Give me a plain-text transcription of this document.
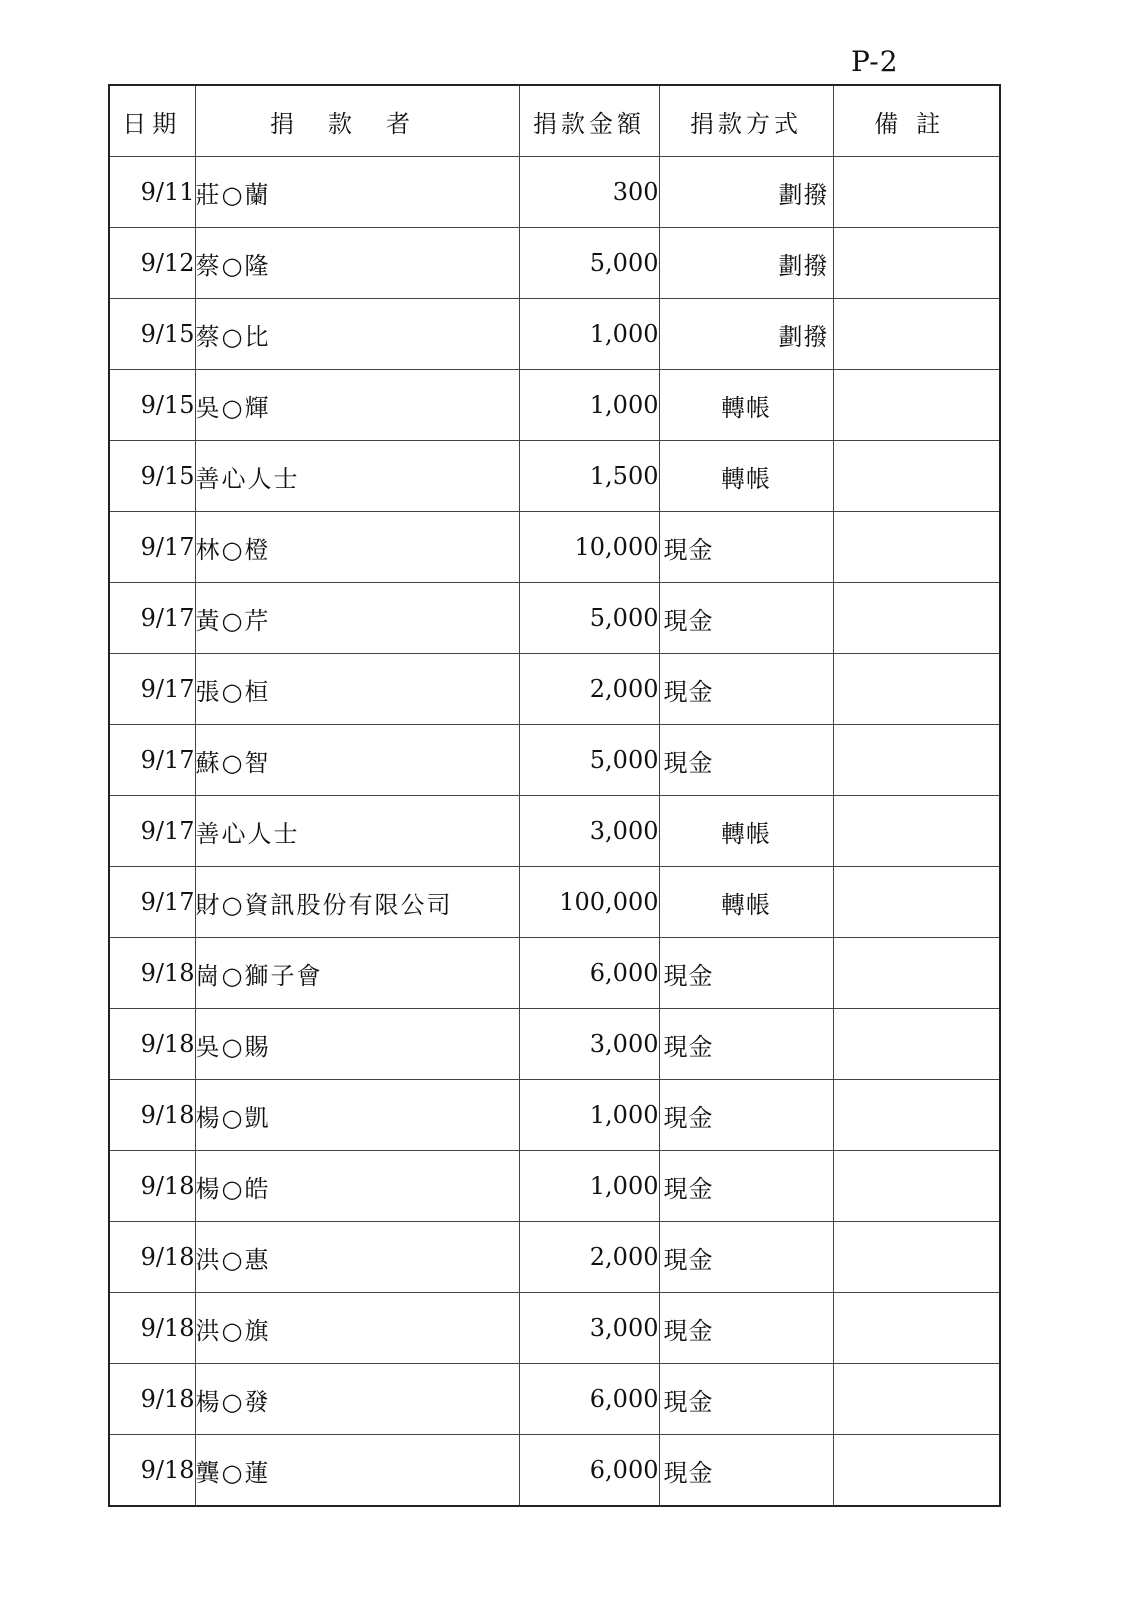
P-2
日期	捐款者	捐款金額	捐款方式	備註
9/11	莊○蘭	300	劃撥	
9/12	蔡○隆	5,000	劃撥	
9/15	蔡○比	1,000	劃撥	
9/15	吳○輝	1,000	轉帳	
9/15	善心人士	1,500	轉帳	
9/17	林○橙	10,000	現金	
9/17	黃○芹	5,000	現金	
9/17	張○桓	2,000	現金	
9/17	蘇○智	5,000	現金	
9/17	善心人士	3,000	轉帳	
9/17	財○資訊股份有限公司	100,000	轉帳	
9/18	崗○獅子會	6,000	現金	
9/18	吳○賜	3,000	現金	
9/18	楊○凱	1,000	現金	
9/18	楊○皓	1,000	現金	
9/18	洪○惠	2,000	現金	
9/18	洪○旗	3,000	現金	
9/18	楊○發	6,000	現金	
9/18	龔○蓮	6,000	現金	
